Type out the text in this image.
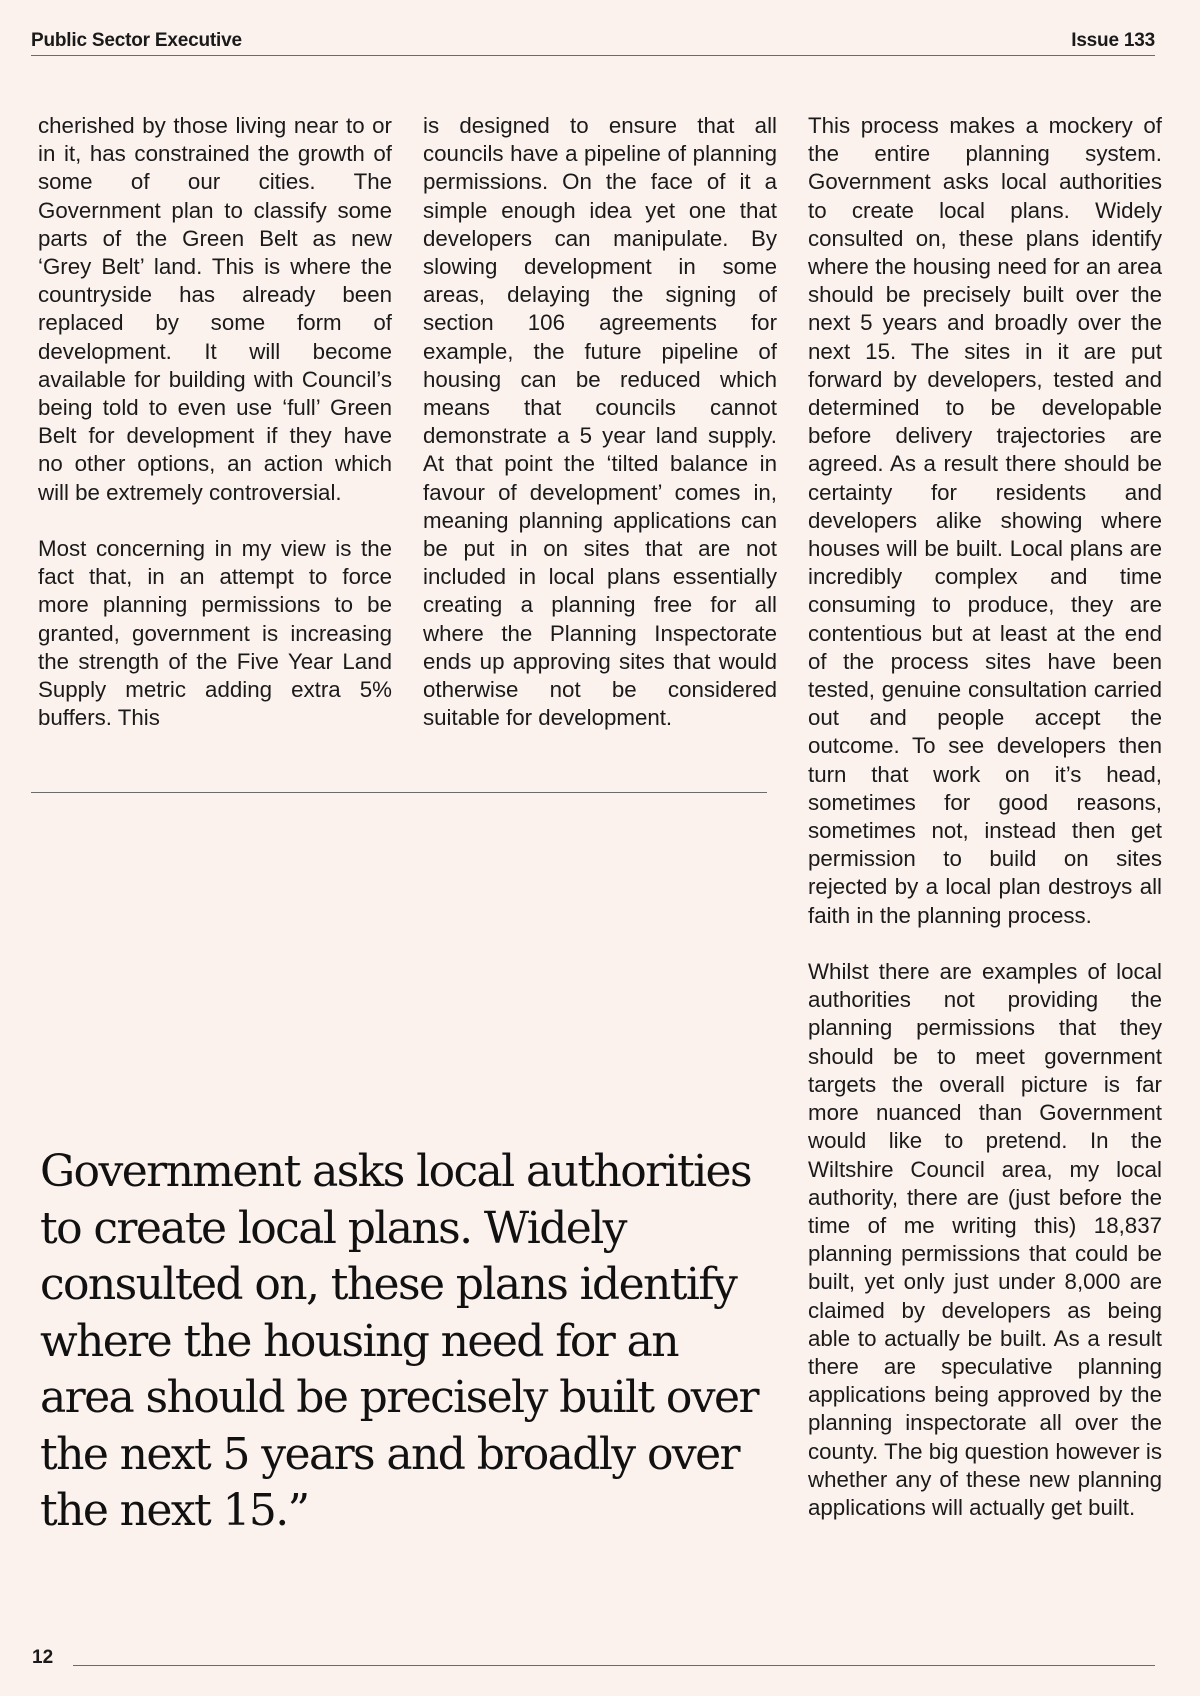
Public Sector Executive	Issue 133

cherished by those living near to or in it, has constrained the growth of some of our cities. The Government plan to classify some parts of the Green Belt as new ‘Grey Belt’ land. This is where the countryside has already been replaced by some form of development. It will become available for building with Council’s being told to even use ‘full’ Green Belt for development if they have no other options, an action which will be extremely controversial.

Most concerning in my view is the fact that, in an attempt to force more planning permissions to be granted, government is increasing the strength of the Five Year Land Supply metric adding extra 5% buffers. This

is designed to ensure that all councils have a pipeline of planning permissions. On the face of it a simple enough idea yet one that developers can manipulate. By slowing development in some areas, delaying the signing of section 106 agreements for example, the future pipeline of housing can be reduced which means that councils cannot demonstrate a 5 year land supply. At that point the ‘tilted balance in favour of development’ comes in, meaning planning applications can be put in on sites that are not included in local plans essentially creating a planning free for all where the Planning Inspectorate ends up approving sites that would otherwise not be considered suitable for development.

This process makes a mockery of the entire planning system. Government asks local authorities to create local plans. Widely consulted on, these plans identify where the housing need for an area should be precisely built over the next 5 years and broadly over the next 15. The sites in it are put forward by developers, tested and determined to be developable before delivery trajectories are agreed. As a result there should be certainty for residents and developers alike showing where houses will be built. Local plans are incredibly complex and time consuming to produce, they are contentious but at least at the end of the process sites have been tested, genuine consultation carried out and people accept the outcome. To see developers then turn that work on it’s head, sometimes for good reasons, sometimes not, instead then get permission to build on sites rejected by a local plan destroys all faith in the planning process.

Whilst there are examples of local authorities not providing the planning permissions that they should be to meet government targets the overall picture is far more nuanced than Government would like to pretend. In the Wiltshire Council area, my local authority, there are (just before the time of me writing this) 18,837 planning permissions that could be built, yet only just under 8,000 are claimed by developers as being able to actually be built. As a result there are speculative planning applications being approved by the planning inspectorate all over the county. The big question however is whether any of these new planning applications will actually get built.

Government asks local authorities to create local plans. Widely consulted on, these plans identify where the housing need for an area should be precisely built over the next 5 years and broadly over the next 15.”

12
